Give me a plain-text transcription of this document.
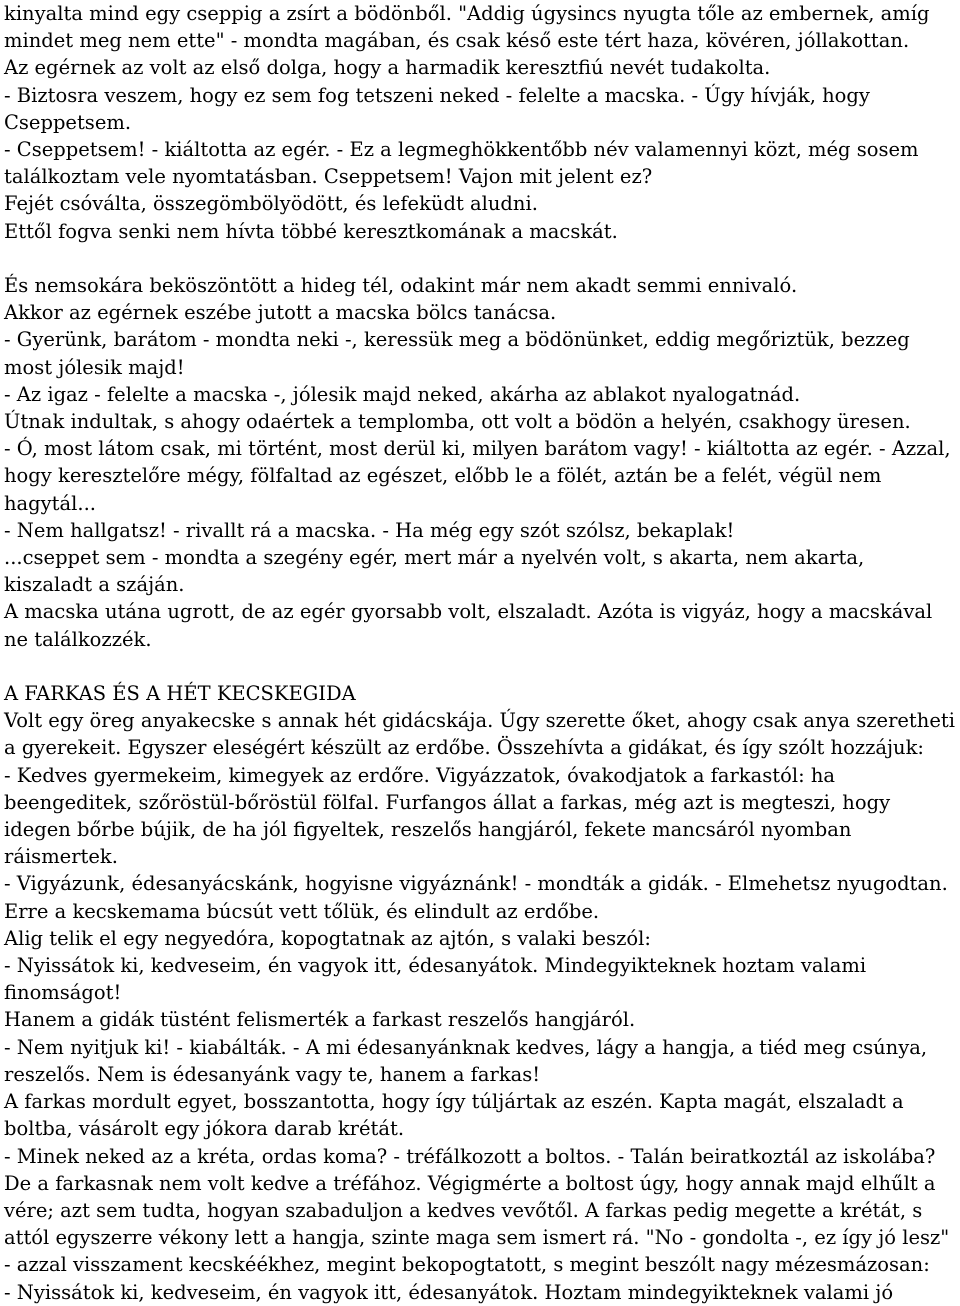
kinyalta mind egy cseppig a zsírt a bödönből. "Addig úgysincs nyugta tőle az embernek, amíg mindet meg nem ette" - mondta magában, és csak késő este tért haza, kövéren, jóllakottan.

Az egérnek az volt az első dolga, hogy a harmadik keresztfiú nevét tudakolta.

- Biztosra veszem, hogy ez sem fog tetszeni neked - felelte a macska. - Úgy hívják, hogy Cseppetsem.

- Cseppetsem! - kiáltotta az egér. - Ez a legmeghökkentőbb név valamennyi közt, még sosem találkoztam vele nyomtatásban. Cseppetsem! Vajon mit jelent ez?

Fejét csóválta, összegömbölyödött, és lefeküdt aludni.

Ettől fogva senki nem hívta többé keresztkomának a macskát.

És nemsokára beköszöntött a hideg tél, odakint már nem akadt semmi ennivaló.

Akkor az egérnek eszébe jutott a macska bölcs tanácsa.

- Gyerünk, barátom - mondta neki -, keressük meg a bödönünket, eddig megőriztük, bezzeg most jólesik majd!

- Az igaz - felelte a macska -, jólesik majd neked, akárha az ablakot nyalogatnád.

Útnak indultak, s ahogy odaértek a templomba, ott volt a bödön a helyén, csakhogy üresen.

- Ó, most látom csak, mi történt, most derül ki, milyen barátom vagy! - kiáltotta az egér. - Azzal, hogy keresztelőre mégy, fölfaltad az egészet, előbb le a fölét, aztán be a felét, végül nem hagytál...

- Nem hallgatsz! - rivallt rá a macska. - Ha még egy szót szólsz, bekaplak!

...cseppet sem - mondta a szegény egér, mert már a nyelvén volt, s akarta, nem akarta, kiszaladt a száján.

A macska utána ugrott, de az egér gyorsabb volt, elszaladt. Azóta is vigyáz, hogy a macskával ne találkozzék.

A FARKAS ÉS A HÉT KECSKEGIDA

Volt egy öreg anyakecske s annak hét gidácskája. Úgy szerette őket, ahogy csak anya szeretheti a gyerekeit. Egyszer eleségért készült az erdőbe. Összehívta a gidákat, és így szólt hozzájuk:

- Kedves gyermekeim, kimegyek az erdőre. Vigyázzatok, óvakodjatok a farkastól: ha beengeditek, szőröstül-bőröstül fölfal. Furfangos állat a farkas, még azt is megteszi, hogy idegen bőrbe bújik, de ha jól figyeltek, reszelős hangjáról, fekete mancsáról nyomban ráismertek.

- Vigyázunk, édesanyácskánk, hogyisne vigyáznánk! - mondták a gidák. - Elmehetsz nyugodtan.

Erre a kecskemama búcsút vett tőlük, és elindult az erdőbe.

Alig telik el egy negyedóra, kopogtatnak az ajtón, s valaki beszól:

- Nyissátok ki, kedveseim, én vagyok itt, édesanyátok. Mindegyikteknek hoztam valami finomságot!

Hanem a gidák tüstént felismerték a farkast reszelős hangjáról.

- Nem nyitjuk ki! - kiabálták. - A mi édesanyánknak kedves, lágy a hangja, a tiéd meg csúnya, reszelős. Nem is édesanyánk vagy te, hanem a farkas!

A farkas mordult egyet, bosszantotta, hogy így túljártak az eszén. Kapta magát, elszaladt a boltba, vásárolt egy jókora darab krétát.

- Minek neked az a kréta, ordas koma? - tréfálkozott a boltos. - Talán beiratkoztál az iskolába?

De a farkasnak nem volt kedve a tréfához. Végigmérte a boltost úgy, hogy annak majd elhűlt a vére; azt sem tudta, hogyan szabaduljon a kedves vevőtől. A farkas pedig megette a krétát, s attól egyszerre vékony lett a hangja, szinte maga sem ismert rá. "No - gondolta -, ez így jó lesz" - azzal visszament kecskéékhez, megint bekopogtatott, s megint beszólt nagy mézesmázosan:

- Nyissátok ki, kedveseim, én vagyok itt, édesanyátok. Hoztam mindegyikteknek valami jó
